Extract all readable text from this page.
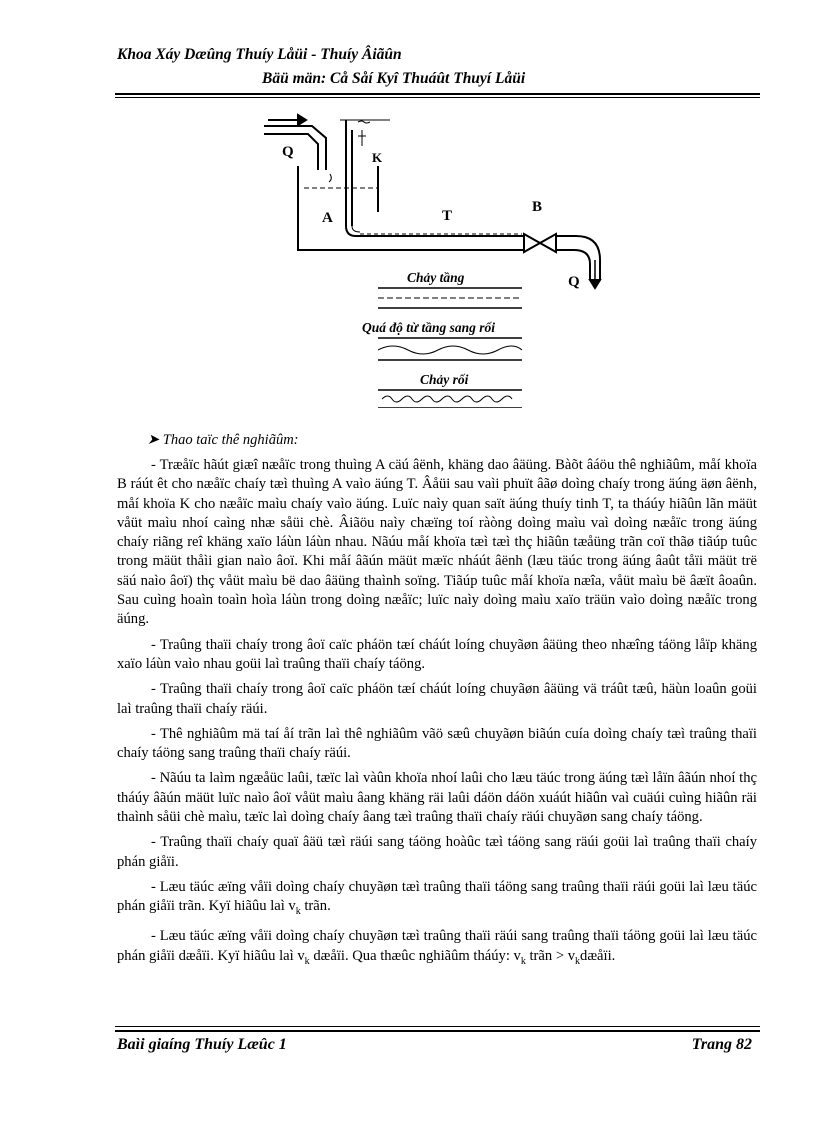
Khoa Xáy Dæûng Thuíy Låüi - Thuíy Âiãûn
Bäü män: Cå Såí Kyî Thuáût Thuyí Låüi
Q	K
A	T
B
Q
Chảy tầng
Quá độ từ tầng sang rối
Chảy rối
➤ Thao taïc thê nghiãûm:

- Træåïc hãút giæî næåïc trong thuìng A cäú âënh, khäng dao âäüng. Bàõt âáöu thê nghiãûm, måí khoïa B ráút êt cho næåïc chaíy tæì thuìng A vaìo äúng T. Âåüi sau vaìi phuït âãø doìng chaíy trong äúng äøn âënh, måí khoïa K cho næåïc maìu chaíy vaìo äúng. Luïc naìy quan saït äúng thuíy tinh T, ta tháúy hiãûn lãn mäüt våüt maìu nhoí caìng nhæ såüi chè. Âiãöu naìy chæïng toí ràòng doìng maìu vaì doìng næåïc trong äúng chaíy riãng reî khäng xaïo láùn láùn nhau. Nãúu måí khoïa tæì tæì thç hiãûn tæåüng trãn coï thãø tiãúp tuûc trong mäüt thåìi gian naìo âoï. Khi måí âãún mäüt mæïc nháút âënh (læu täúc trong äúng âaût tåïi mäüt trë säú naìo âoï) thç våüt maìu bë dao âäüng thaình soïng. Tiãúp tuûc måí khoïa næîa, våüt maìu bë âæït âoaûn. Sau cuìng hoaìn toaìn hoìa láùn trong doìng næåïc; luïc naìy doìng maìu xaïo träün vaìo doìng næåïc trong äúng.

- Traûng thaïi chaíy trong âoï caïc pháön tæí cháút loíng chuyãøn âäüng theo nhæîng táöng låïp khäng xaïo láùn vaìo nhau goüi laì traûng thaïi chaíy táöng.

- Traûng thaïi chaíy trong âoï caïc pháön tæí cháút loíng chuyãøn âäüng vä tráût tæû, häùn loaûn goüi laì traûng thaïi chaíy räúi.

- Thê nghiãûm mä taí åí trãn laì thê nghiãûm vãö sæû chuyãøn biãún cuía doìng chaíy tæì traûng thaïi chaíy táöng sang traûng thaïi chaíy räúi.

- Nãúu ta laìm ngæåüc laûi, tæïc laì vàûn khoïa nhoí laûi cho læu täúc trong äúng tæì låïn âãún nhoí thç tháúy âãún mäüt luïc naìo âoï våüt maìu âang khäng räi laûi dáön dáön xuáút hiãûn vaì cuäúi cuìng hiãûn räi thaình såüi chè maìu, tæïc laì doìng chaíy âang tæì traûng thaïi chaíy räúi chuyãøn sang chaíy táöng.

- Traûng thaïi chaíy quaï âäü tæì räúi sang táöng hoàûc tæì táöng sang räúi goüi laì traûng thaïi chaíy phán giåïi.

- Læu täúc æïng våïi doìng chaíy chuyãøn tæì traûng thaïi táöng sang traûng thaïi räúi goüi laì læu täúc phán giåïi trãn. Kyï hiãûu laì $v_k$ trãn.

- Læu täúc æïng våïi doìng chaíy chuyãøn tæì traûng thaïi räúi sang traûng thaïi táöng goüi laì læu täúc phán giåïi dæåïi. Kyï hiãûu laì $v_k$ dæåïi. Qua thæûc nghiãûm tháúy: $v_k$ trãn > $v_kdæåïi$.

Baìi giaíng Thuíy Læûc 1	Trang 82
